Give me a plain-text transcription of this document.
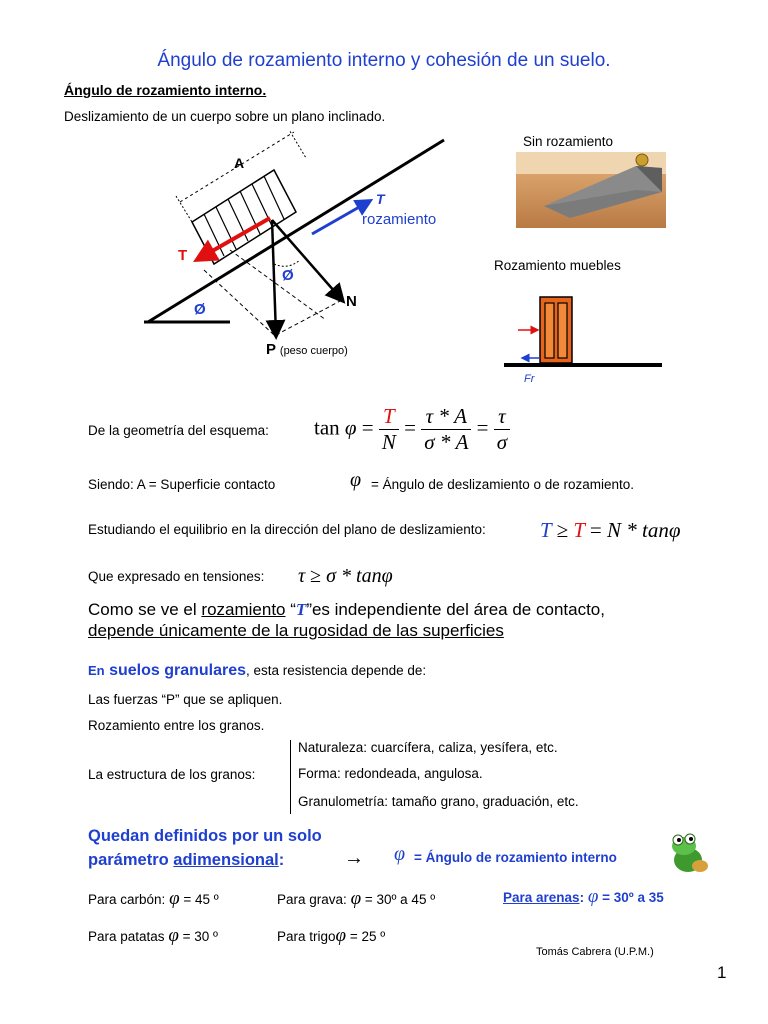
Ángulo de rozamiento interno y cohesión de un suelo.
Ángulo de rozamiento interno.
Deslizamiento de un cuerpo sobre un plano inclinado.
A
T
Ø
Ø	N
T
rozamiento
P (peso cuerpo)
Sin rozamiento
Rozamiento muebles
Fr
De la geometría del esquema: $\tan \varphi = \frac{T}{N} = \frac{\tau * A}{\sigma * A} = \frac{\tau}{\sigma}$
Siendo: A = Superficie contacto	φ = Ángulo de deslizamiento o de rozamiento.
Estudiando el equilibrio en la dirección del plano de deslizamiento:	T ≥ T = N * tanφ
Que expresado en tensiones: τ ≥ σ * tanφ
Como se ve el rozamiento “T”es independiente del área de contacto,
depende únicamente de la rugosidad de las superficies
En suelos granulares, esta resistencia depende de:
Las fuerzas “P” que se apliquen.
Rozamiento entre los granos.
La estructura de los granos:
Naturaleza: cuarcífera, caliza, yesífera, etc.
Forma: redondeada, angulosa.
Granulometría: tamaño grano, graduación, etc.
Quedan definidos por un solo
parámetro adimensional:	→ φ = Ángulo de rozamiento interno
Para carbón: φ = 45 º	Para grava: φ = 30º a 45 º	Para arenas: φ = 30º a 35
Para patatas φ = 30 º	Para trigoφ = 25 º
Tomás Cabrera (U.P.M.)
1
